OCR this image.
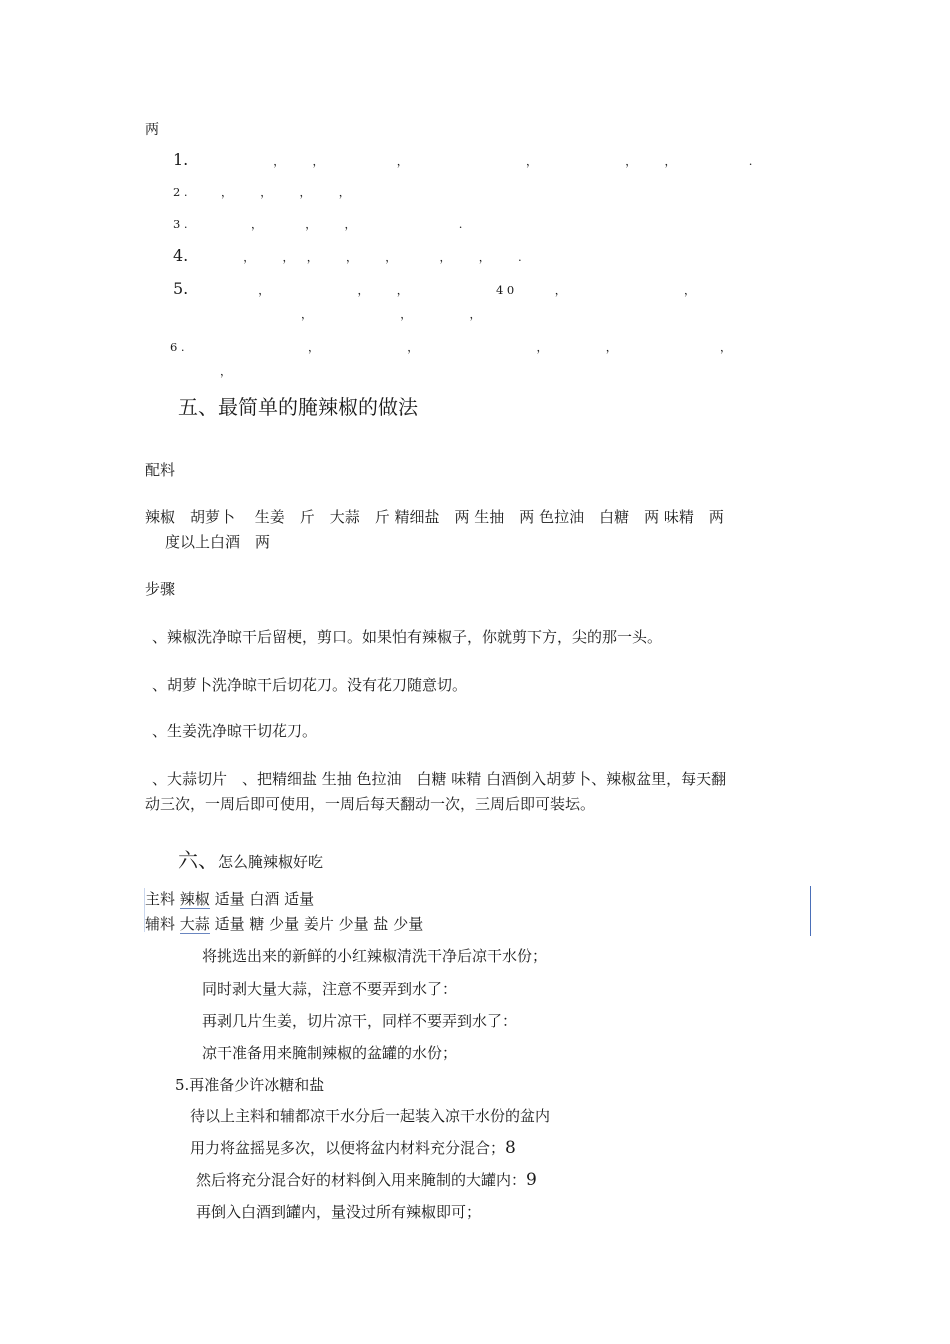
两
1.　　　　　，　　，　　　　　，　　　　　　　　，　　　　　　，　　，　　　　　.
2.　　，　　，　　，　　，　　
3.　　　　，　　　，　　，　　　　　　　.
4.　　　，　　，　，　　，　　，　　　，　　，　　.　　　　　
5.　　　　，　　　　　　，　　，　　　　　　40 　　，　　　　　　　　，　　　　　
　　　　　　　　，　　　　　　，　　　　，　　　　
6.　　　　　　　　，　　　　　　，　　　　　　　　，　　　　，　　　　　　　，　
　　　　　，
五、最简单的腌辣椒的做法
配料
辣椒　胡萝卜　 生姜　斤　大蒜　斤 精细盐　两 生抽　两 色拉油　白糖　两 味精　两
度以上白酒　两
步骤
、辣椒洗净晾干后留梗，剪口。如果怕有辣椒子，你就剪下方，尖的那一头。
、胡萝卜洗净晾干后切花刀。没有花刀随意切。
、生姜洗净晾干切花刀。
、大蒜切片　、把精细盐 生抽 色拉油　白糖 味精 白酒倒入胡萝卜、辣椒盆里，每天翻
动三次，一周后即可使用，一周后每天翻动一次，三周后即可装坛。
六、怎么腌辣椒好吃
主料 辣椒 适量 白酒 适量
辅料 大蒜 适量 糖 少量 姜片 少量 盐 少量
将挑选出来的新鲜的小红辣椒清洗干净后凉干水份；
同时剥大量大蒜，注意不要弄到水了：
再剥几片生姜，切片凉干，同样不要弄到水了：
凉干准备用来腌制辣椒的盆罐的水份；
5.再准备少许冰糖和盐
待以上主料和辅都凉干水分后一起装入凉干水份的盆内
用力将盆摇晃多次，以便将盆内材料充分混合；8
然后将充分混合好的材料倒入用来腌制的大罐内：9
再倒入白酒到罐内，量没过所有辣椒即可；
